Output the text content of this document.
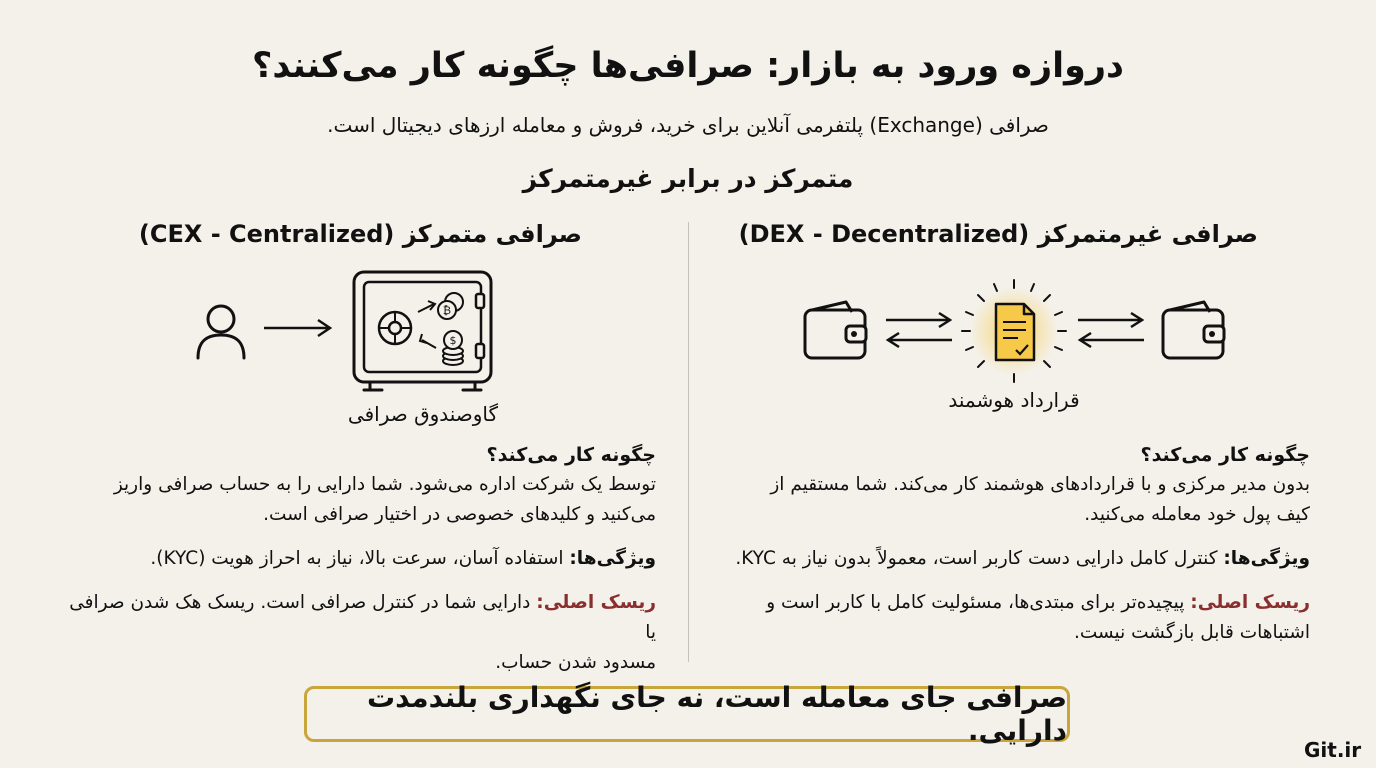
دروازه ورود به بازار: صرافی‌ها چگونه کار می‌کنند؟
صرافی (Exchange) پلتفرمی آنلاین برای خرید، فروش و معامله ارزهای دیجیتال است.
متمرکز در برابر غیرمتمرکز
صرافی متمرکز (CEX - Centralized)
₿
$
گاوصندوق صرافی
چگونه کار می‌کند؟
توسط یک شرکت اداره می‌شود. شما دارایی را به حساب صرافی واریز
می‌کنید و کلیدهای خصوصی در اختیار صرافی است.
ویژگی‌ها: استفاده آسان، سرعت بالا، نیاز به احراز هویت (KYC).
ریسک اصلی: دارایی شما در کنترل صرافی است. ریسک هک شدن صرافی یا
مسدود شدن حساب.
صرافی غیرمتمرکز (DEX - Decentralized)
قرارداد هوشمند
چگونه کار می‌کند؟
بدون مدیر مرکزی و با قراردادهای هوشمند کار می‌کند. شما مستقیم از
کیف پول خود معامله می‌کنید.
ویژگی‌ها: کنترل کامل دارایی دست کاربر است، معمولاً بدون نیاز به KYC.
ریسک اصلی: پیچیده‌تر برای مبتدی‌ها، مسئولیت کامل با کاربر است و
اشتباهات قابل بازگشت نیست.
صرافی جای معامله است، نه جای نگهداری بلندمدت دارایی.
Git.ir
